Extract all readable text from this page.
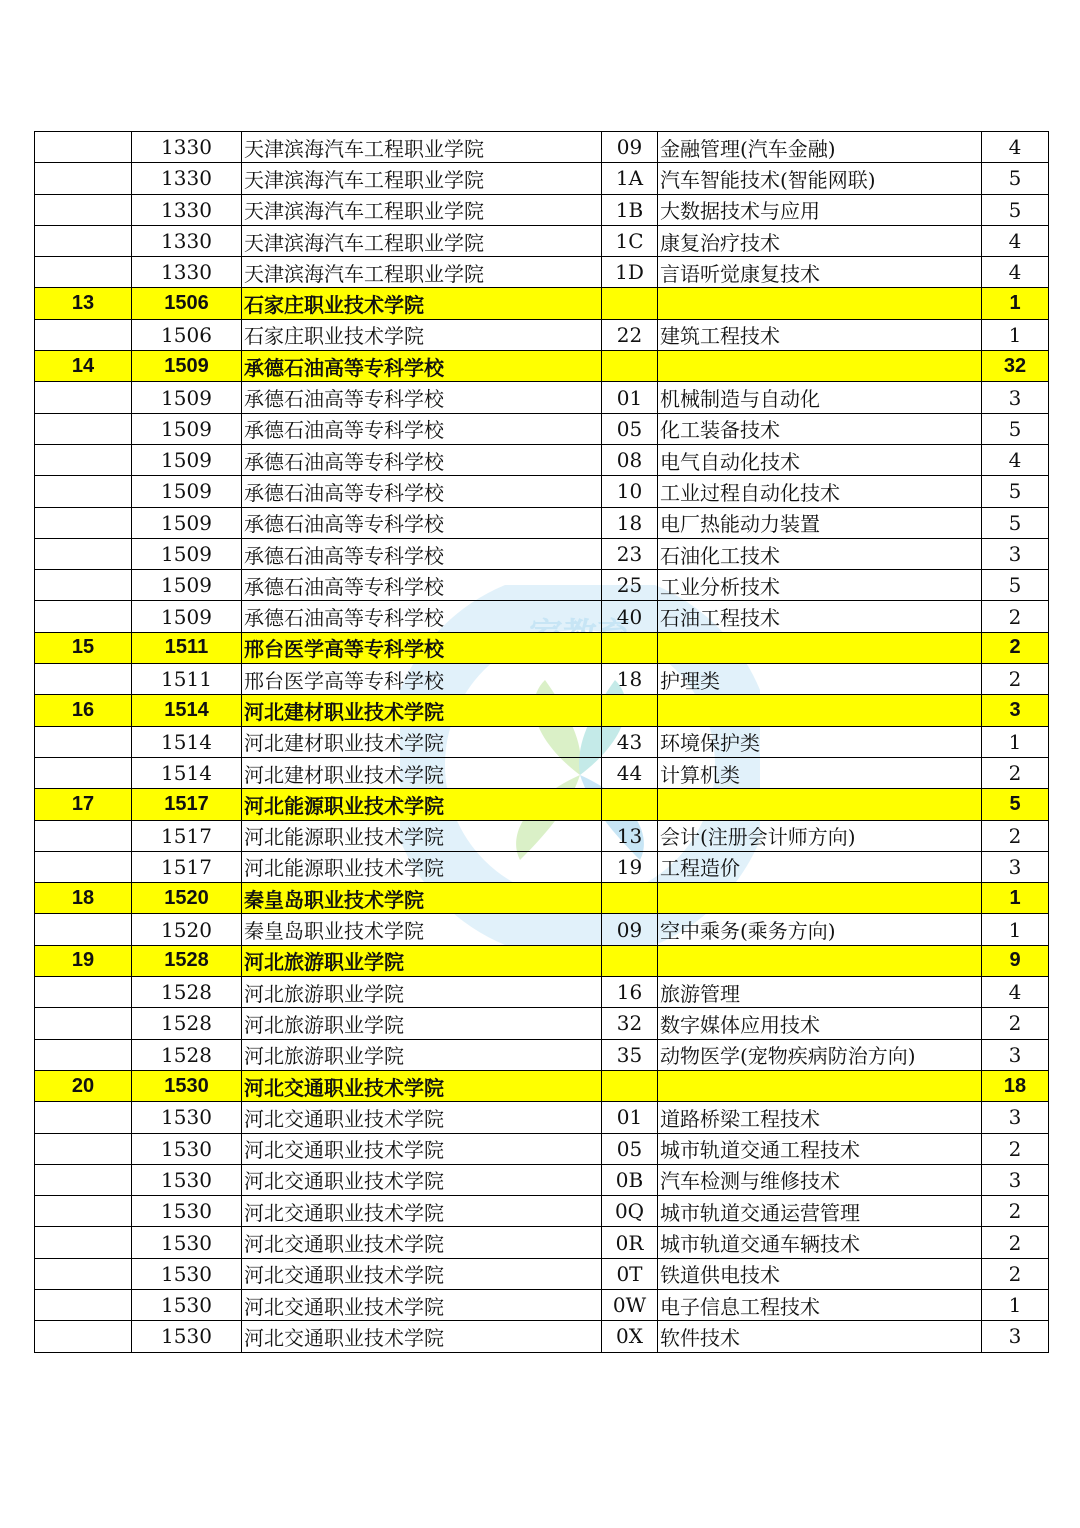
	1330	天津滨海汽车工程职业学院	09	金融管理(汽车金融)	4
	1330	天津滨海汽车工程职业学院	1A	汽车智能技术(智能网联)	5
	1330	天津滨海汽车工程职业学院	1B	大数据技术与应用	5
	1330	天津滨海汽车工程职业学院	1C	康复治疗技术	4
	1330	天津滨海汽车工程职业学院	1D	言语听觉康复技术	4
13	1506	石家庄职业技术学院			1
	1506	石家庄职业技术学院	22	建筑工程技术	1
14	1509	承德石油高等专科学校			32
	1509	承德石油高等专科学校	01	机械制造与自动化	3
	1509	承德石油高等专科学校	05	化工装备技术	5
	1509	承德石油高等专科学校	08	电气自动化技术	4
	1509	承德石油高等专科学校	10	工业过程自动化技术	5
	1509	承德石油高等专科学校	18	电厂热能动力装置	5
	1509	承德石油高等专科学校	23	石油化工技术	3
	1509	承德石油高等专科学校	25	工业分析技术	5
	1509	承德石油高等专科学校	40	石油工程技术	2
15	1511	邢台医学高等专科学校			2
	1511	邢台医学高等专科学校	18	护理类	2
16	1514	河北建材职业技术学院			3
	1514	河北建材职业技术学院	43	环境保护类	1
	1514	河北建材职业技术学院	44	计算机类	2
17	1517	河北能源职业技术学院			5
	1517	河北能源职业技术学院	13	会计(注册会计师方向)	2
	1517	河北能源职业技术学院	19	工程造价	3
18	1520	秦皇岛职业技术学院			1
	1520	秦皇岛职业技术学院	09	空中乘务(乘务方向)	1
19	1528	河北旅游职业学院			9
	1528	河北旅游职业学院	16	旅游管理	4
	1528	河北旅游职业学院	32	数字媒体应用技术	2
	1528	河北旅游职业学院	35	动物医学(宠物疾病防治方向)	3
20	1530	河北交通职业技术学院			18
	1530	河北交通职业技术学院	01	道路桥梁工程技术	3
	1530	河北交通职业技术学院	05	城市轨道交通工程技术	2
	1530	河北交通职业技术学院	0B	汽车检测与维修技术	3
	1530	河北交通职业技术学院	0Q	城市轨道交通运营管理	2
	1530	河北交通职业技术学院	0R	城市轨道交通车辆技术	2
	1530	河北交通职业技术学院	0T	铁道供电技术	2
	1530	河北交通职业技术学院	0W	电子信息工程技术	1
	1530	河北交通职业技术学院	0X	软件技术	3
